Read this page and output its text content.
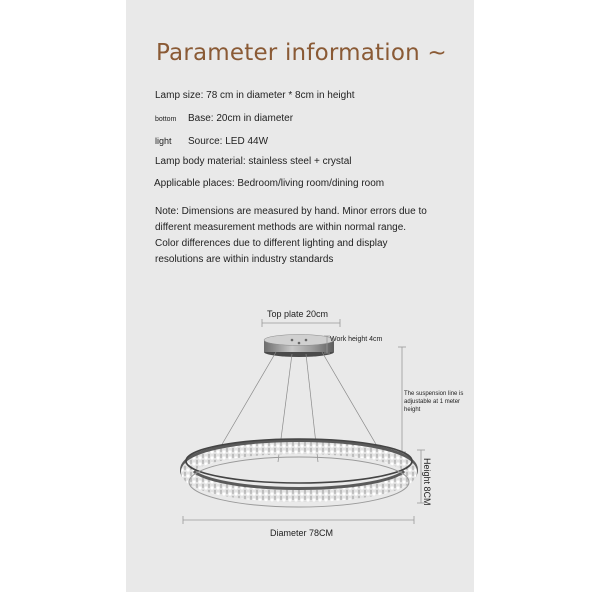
Parameter information ~
Lamp size: 78 cm in diameter * 8cm in height
bottom Base: 20cm in diameter
light Source: LED 44W
Lamp body material: stainless steel + crystal
Applicable places: Bedroom/living room/dining room
Note: Dimensions are measured by hand. Minor errors due to different measurement methods are within normal range. Color differences due to different lighting and display resolutions are within industry standards
Top plate 20cm
Work height 4cm
The suspension line is adjustable at 1 meter height
Height 8CM
Diameter 78CM
